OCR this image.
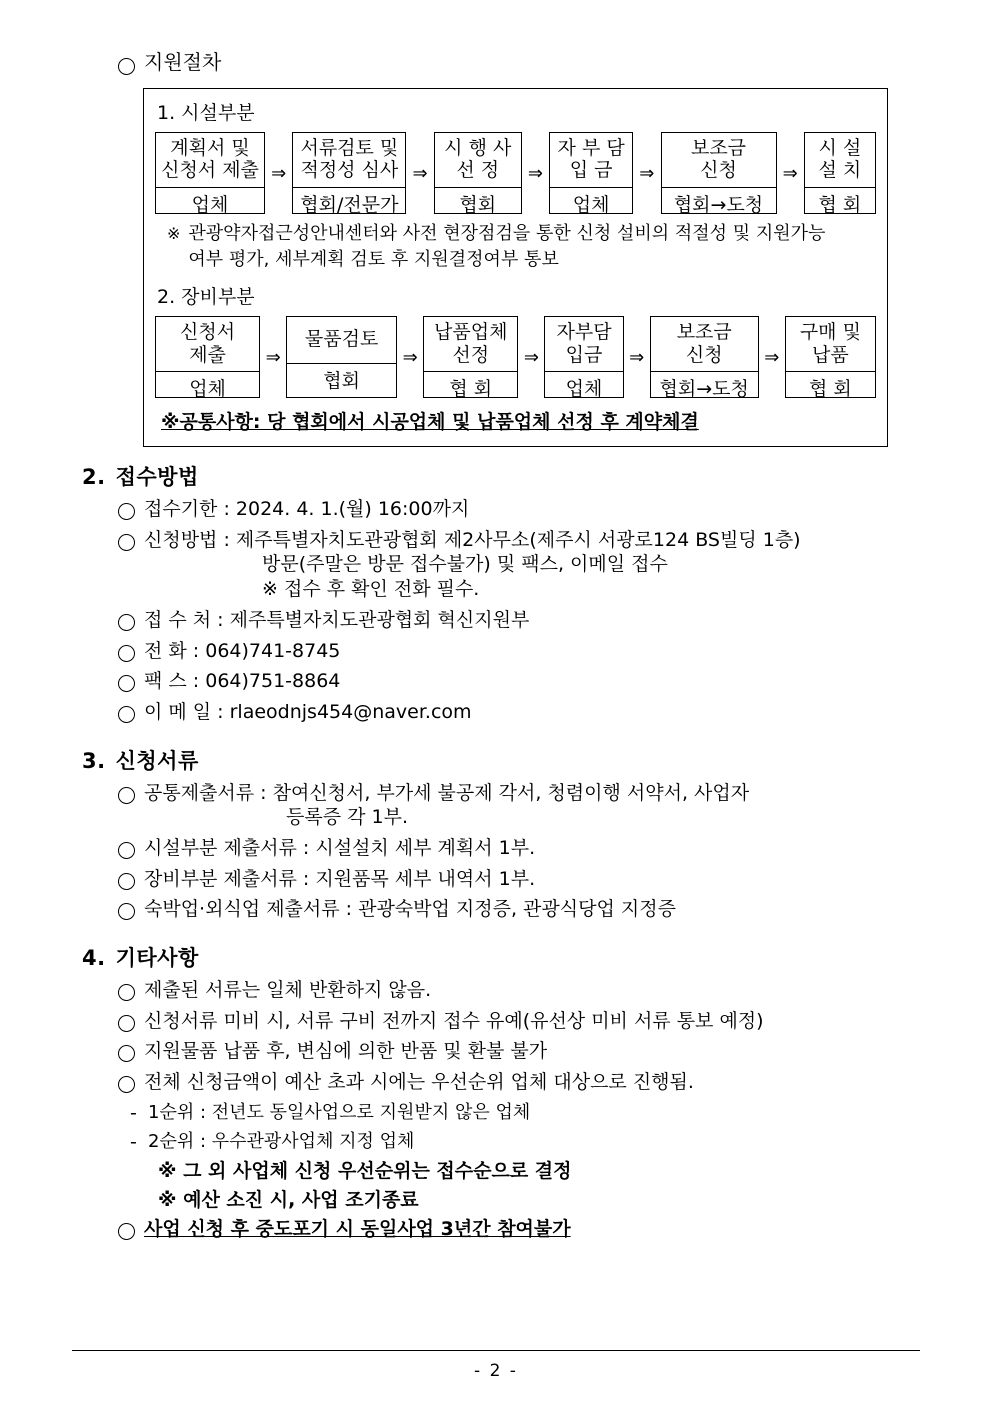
지원절차
1. 시설부분
계획서 및
신청서 제출
업체
⇒
서류검토 및
적정성 심사
협회/전문가
⇒
시 행 사
선 정
협회
⇒
자 부 담
입 금
업체
⇒
보조금
신청
협회→도청
⇒
시 설
설 치
협 회
※ 관광약자접근성안내센터와 사전 현장점검을 통한 신청 설비의 적절성 및 지원가능
여부 평가, 세부계획 검토 후 지원결정여부 통보
2. 장비부분
신청서
제출
업체
⇒
물품검토
협회
⇒
납품업체
선정
협 회
⇒
자부담
입금
업체
⇒
보조금
신청
협회→도청
⇒
구매 및
납품
협 회
※공통사항: 당 협회에서 시공업체 및 납품업체 선정 후 계약체결
2. 접수방법
접수기한 : 2024. 4. 1.(월) 16:00까지
신청방법 : 제주특별자치도관광협회 제2사무소(제주시 서광로124 BS빌딩 1층)
방문(주말은 방문 접수불가) 및 팩스, 이메일 접수
※ 접수 후 확인 전화 필수.
접 수 처 : 제주특별자치도관광협회 혁신지원부
전 화 : 064)741-8745
팩 스 : 064)751-8864
이 메 일 : rlaeodnjs454@naver.com
3. 신청서류
공통제출서류 : 참여신청서, 부가세 불공제 각서, 청렴이행 서약서, 사업자
등록증 각 1부.
시설부분 제출서류 : 시설설치 세부 계획서 1부.
장비부분 제출서류 : 지원품목 세부 내역서 1부.
숙박업·외식업 제출서류 : 관광숙박업 지정증, 관광식당업 지정증
4. 기타사항
제출된 서류는 일체 반환하지 않음.
신청서류 미비 시, 서류 구비 전까지 접수 유예(유선상 미비 서류 통보 예정)
지원물품 납품 후, 변심에 의한 반품 및 환불 불가
전체 신청금액이 예산 초과 시에는 우선순위 업체 대상으로 진행됨.
- 1순위 : 전년도 동일사업으로 지원받지 않은 업체
- 2순위 : 우수관광사업체 지정 업체
※ 그 외 사업체 신청 우선순위는 접수순으로 결정
※ 예산 소진 시, 사업 조기종료
사업 신청 후 중도포기 시 동일사업 3년간 참여불가
- 2 -
